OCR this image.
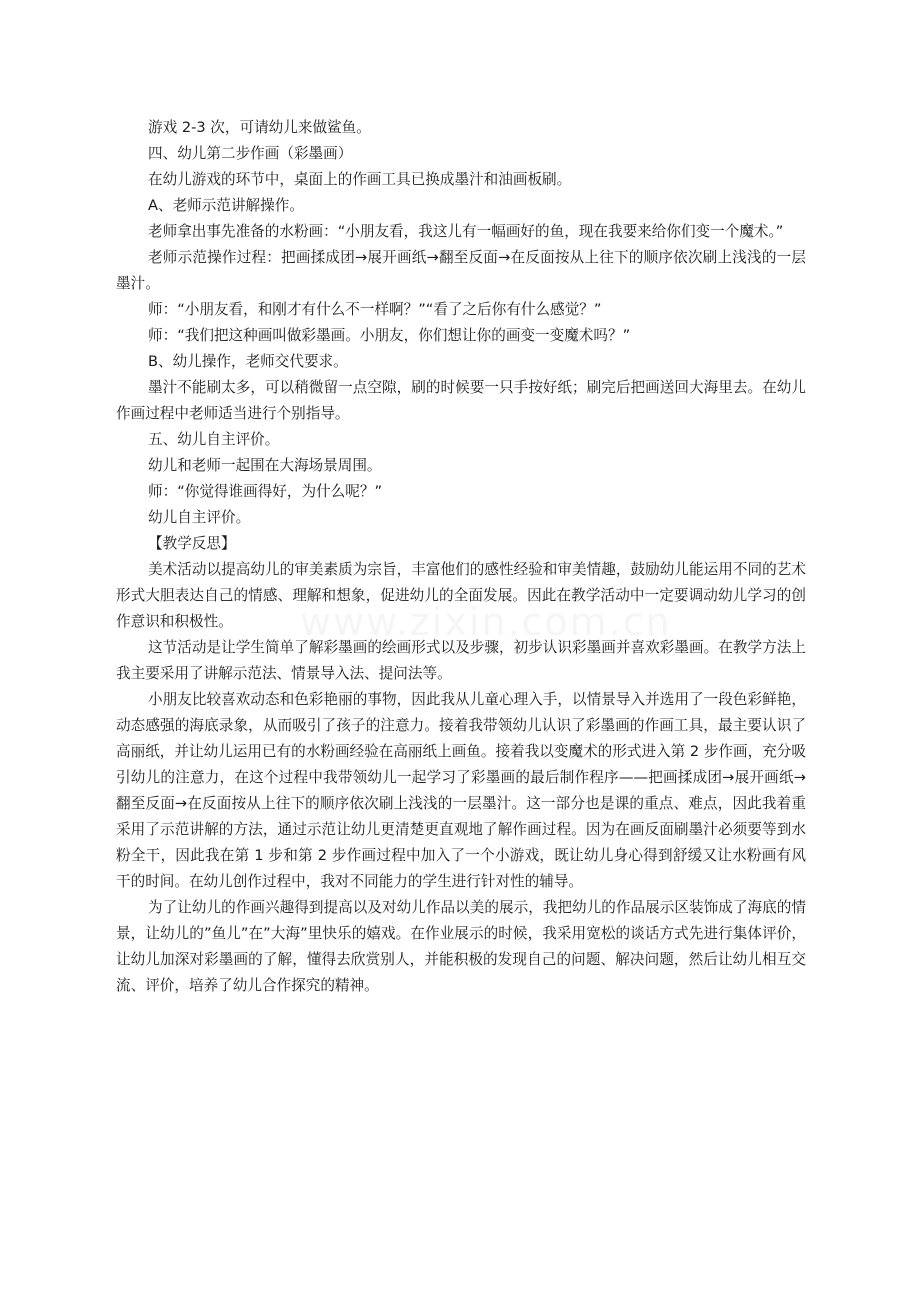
游戏 2-3 次，可请幼儿来做鲨鱼。

四、幼儿第二步作画（彩墨画）

在幼儿游戏的环节中，桌面上的作画工具已换成墨汁和油画板刷。

A、老师示范讲解操作。

老师拿出事先准备的水粉画：“小朋友看，我这儿有一幅画好的鱼，现在我要来给你们变一个魔术。”

老师示范操作过程：把画揉成团→展开画纸→翻至反面→在反面按从上往下的顺序依次刷上浅浅的一层墨汁。

师：“小朋友看，和刚才有什么不一样啊？”“看了之后你有什么感觉？”

师：“我们把这种画叫做彩墨画。小朋友，你们想让你的画变一变魔术吗？”

B、幼儿操作，老师交代要求。

墨汁不能刷太多，可以稍微留一点空隙，刷的时候要一只手按好纸；刷完后把画送回大海里去。在幼儿作画过程中老师适当进行个别指导。

五、幼儿自主评价。

幼儿和老师一起围在大海场景周围。

师：“你觉得谁画得好，为什么呢？”

幼儿自主评价。

【教学反思】

美术活动以提高幼儿的审美素质为宗旨，丰富他们的感性经验和审美情趣，鼓励幼儿能运用不同的艺术形式大胆表达自己的情感、理解和想象，促进幼儿的全面发展。因此在教学活动中一定要调动幼儿学习的创作意识和积极性。

这节活动是让学生简单了解彩墨画的绘画形式以及步骤，初步认识彩墨画并喜欢彩墨画。在教学方法上我主要采用了讲解示范法、情景导入法、提问法等。

小朋友比较喜欢动态和色彩艳丽的事物，因此我从儿童心理入手，以情景导入并选用了一段色彩鲜艳，动态感强的海底录象，从而吸引了孩子的注意力。接着我带领幼儿认识了彩墨画的作画工具，最主要认识了高丽纸，并让幼儿运用已有的水粉画经验在高丽纸上画鱼。接着我以变魔术的形式进入第 2 步作画，充分吸引幼儿的注意力，在这个过程中我带领幼儿一起学习了彩墨画的最后制作程序——把画揉成团→展开画纸→翻至反面→在反面按从上往下的顺序依次刷上浅浅的一层墨汁。这一部分也是课的重点、难点，因此我着重采用了示范讲解的方法，通过示范让幼儿更清楚更直观地了解作画过程。因为在画反面刷墨汁必须要等到水粉全干，因此我在第 1 步和第 2 步作画过程中加入了一个小游戏，既让幼儿身心得到舒缓又让水粉画有风干的时间。在幼儿创作过程中，我对不同能力的学生进行针对性的辅导。

为了让幼儿的作画兴趣得到提高以及对幼儿作品以美的展示，我把幼儿的作品展示区装饰成了海底的情景，让幼儿的”鱼儿”在”大海”里快乐的嬉戏。在作业展示的时候，我采用宽松的谈话方式先进行集体评价，让幼儿加深对彩墨画的了解，懂得去欣赏别人，并能积极的发现自己的问题、解决问题，然后让幼儿相互交流、评价，培养了幼儿合作探究的精神。
